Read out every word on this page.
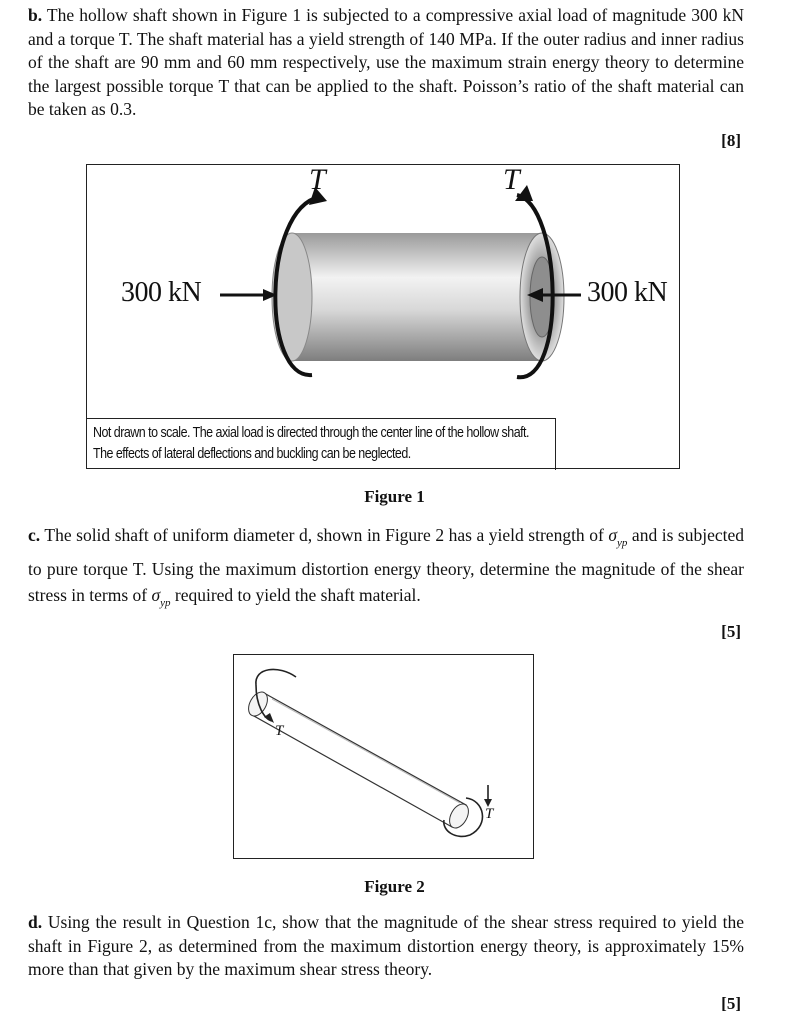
b. The hollow shaft shown in Figure 1 is subjected to a compressive axial load of magnitude 300 kN and a torque T. The shaft material has a yield strength of 140 MPa. If the outer radius and inner radius of the shaft are 90 mm and 60 mm respectively, use the maximum strain energy theory to determine the largest possible torque T that can be applied to the shaft. Poisson’s ratio of the shaft material can be taken as 0.3.
[8]
T	T
300 kN	300 kN
Not drawn to scale. The axial load is directed through the center line of the hollow shaft.
The effects of lateral deflections and buckling can be neglected.
Figure 1
c. The solid shaft of uniform diameter d, shown in Figure 2 has a yield strength of $\sigma_{yp}$ and is subjected to pure torque T. Using the maximum distortion energy theory, determine the magnitude of the shear stress in terms of $\sigma_{yp}$ required to yield the shaft material.
[5]
T
T
Figure 2
d. Using the result in Question 1c, show that the magnitude of the shear stress required to yield the shaft in Figure 2, as determined from the maximum distortion energy theory, is approximately 15% more than that given by the maximum shear stress theory.
[5]
